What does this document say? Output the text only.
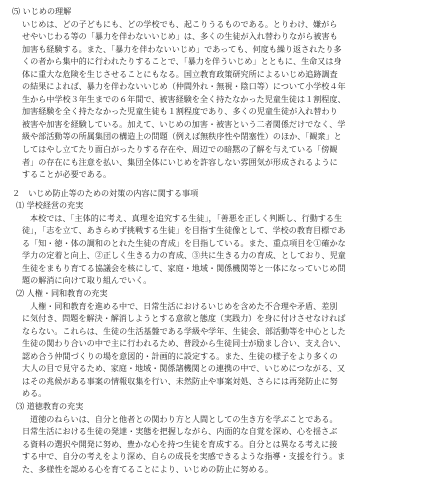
⑸ いじめの理解
いじめは、どの子どもにも、どの学校でも、起こりうるものである。とりわけ、嫌がら
せやいじわる等の「暴力を伴わないいじめ」は、多くの生徒が入れ替わりながら被害も
加害も経験する。また、「暴力を伴わないいじめ」であっても、何度も繰り返されたり多
くの者から集中的に行われたりすることで、「暴力を伴ういじめ」とともに、生命又は身
体に重大な危険を生じさせることにもなる。国立教育政策研究所によるいじめ追跡調査
の結果によれば、暴力を伴わないいじめ（仲間外れ・無視・陰口等）について小学校４年
生から中学校３年生までの６年間で、被害経験を全く持たなかった児童生徒は１割程度、
加害経験を全く持たなかった児童生徒も１割程度であり、多くの児童生徒が入れ替わり
被害や加害を経験している。加えて、いじめの加害・被害という二者関係だけでなく、学
級や部活動等の所属集団の構造上の問題（例えば無秩序性や閉塞性）のほか、「観衆」と
してはやし立てたり面白がったりする存在や、周辺での暗黙の了解を与えている「傍観
者」の存在にも注意を払い、集団全体にいじめを許容しない雰囲気が形成されるように
することが必要である。
２　いじめ防止等のための対策の内容に関する事項
⑴ 学校経営の充実
本校では、「主体的に考え、真理を追究する生徒」，「善悪を正しく判断し、行動する生
徒」，「志を立て、あきらめず挑戦する生徒」を目指す生徒像として、学校の教育目標であ
る「知・徳・体の調和のとれた生徒の育成」を目指している。また、重点項目を①確かな
学力の定着と向上、②正しく生きる力の育成、③共に生きる力の育成、としており、児童
生徒をまもり育てる協議会を核にして、家庭・地域・関係機関等と一体になっていじめ問
題の解消に向けて取り組んでいく。
⑵ 人権・同和教育の充実
人権・同和教育を進める中で、日常生活におけるいじめを含めた不合理や矛盾、差別
に気付き、問題を解決・解消しようとする意欲と態度（実践力）を身に付けさせなければ
ならない。これらは、生徒の生活基盤である学級や学年、生徒会、部活動等を中心とした
生徒の関わり合いの中で主に行われるため、普段から生徒同士が励まし合い、支え合い、
認め合う仲間づくりの場を意図的・計画的に設定する。また、生徒の様子をより多くの
大人の目で見守るため、家庭・地域・関係諸機関との連携の中で、いじめにつながる、又
はその兆候がある事案の情報収集を行い、未然防止や事案対処、さらには再発防止に努
める。
⑶ 道徳教育の充実
道徳のねらいは、自分と他者との関わり方と人間としての生き方を学ぶことである。
日常生活における生徒の発達・実態を把握しながら、内面的な自覚を深め、心を揺さぶ
る資料の選択や開発に努め、豊かな心を持つ生徒を育成する。自分とは異なる考えに接
する中で、自分の考えをより深め、自らの成長を実感できるような指導・支援を行う。ま
た、多様性を認める心を育てることにより、いじめの防止に努める。
